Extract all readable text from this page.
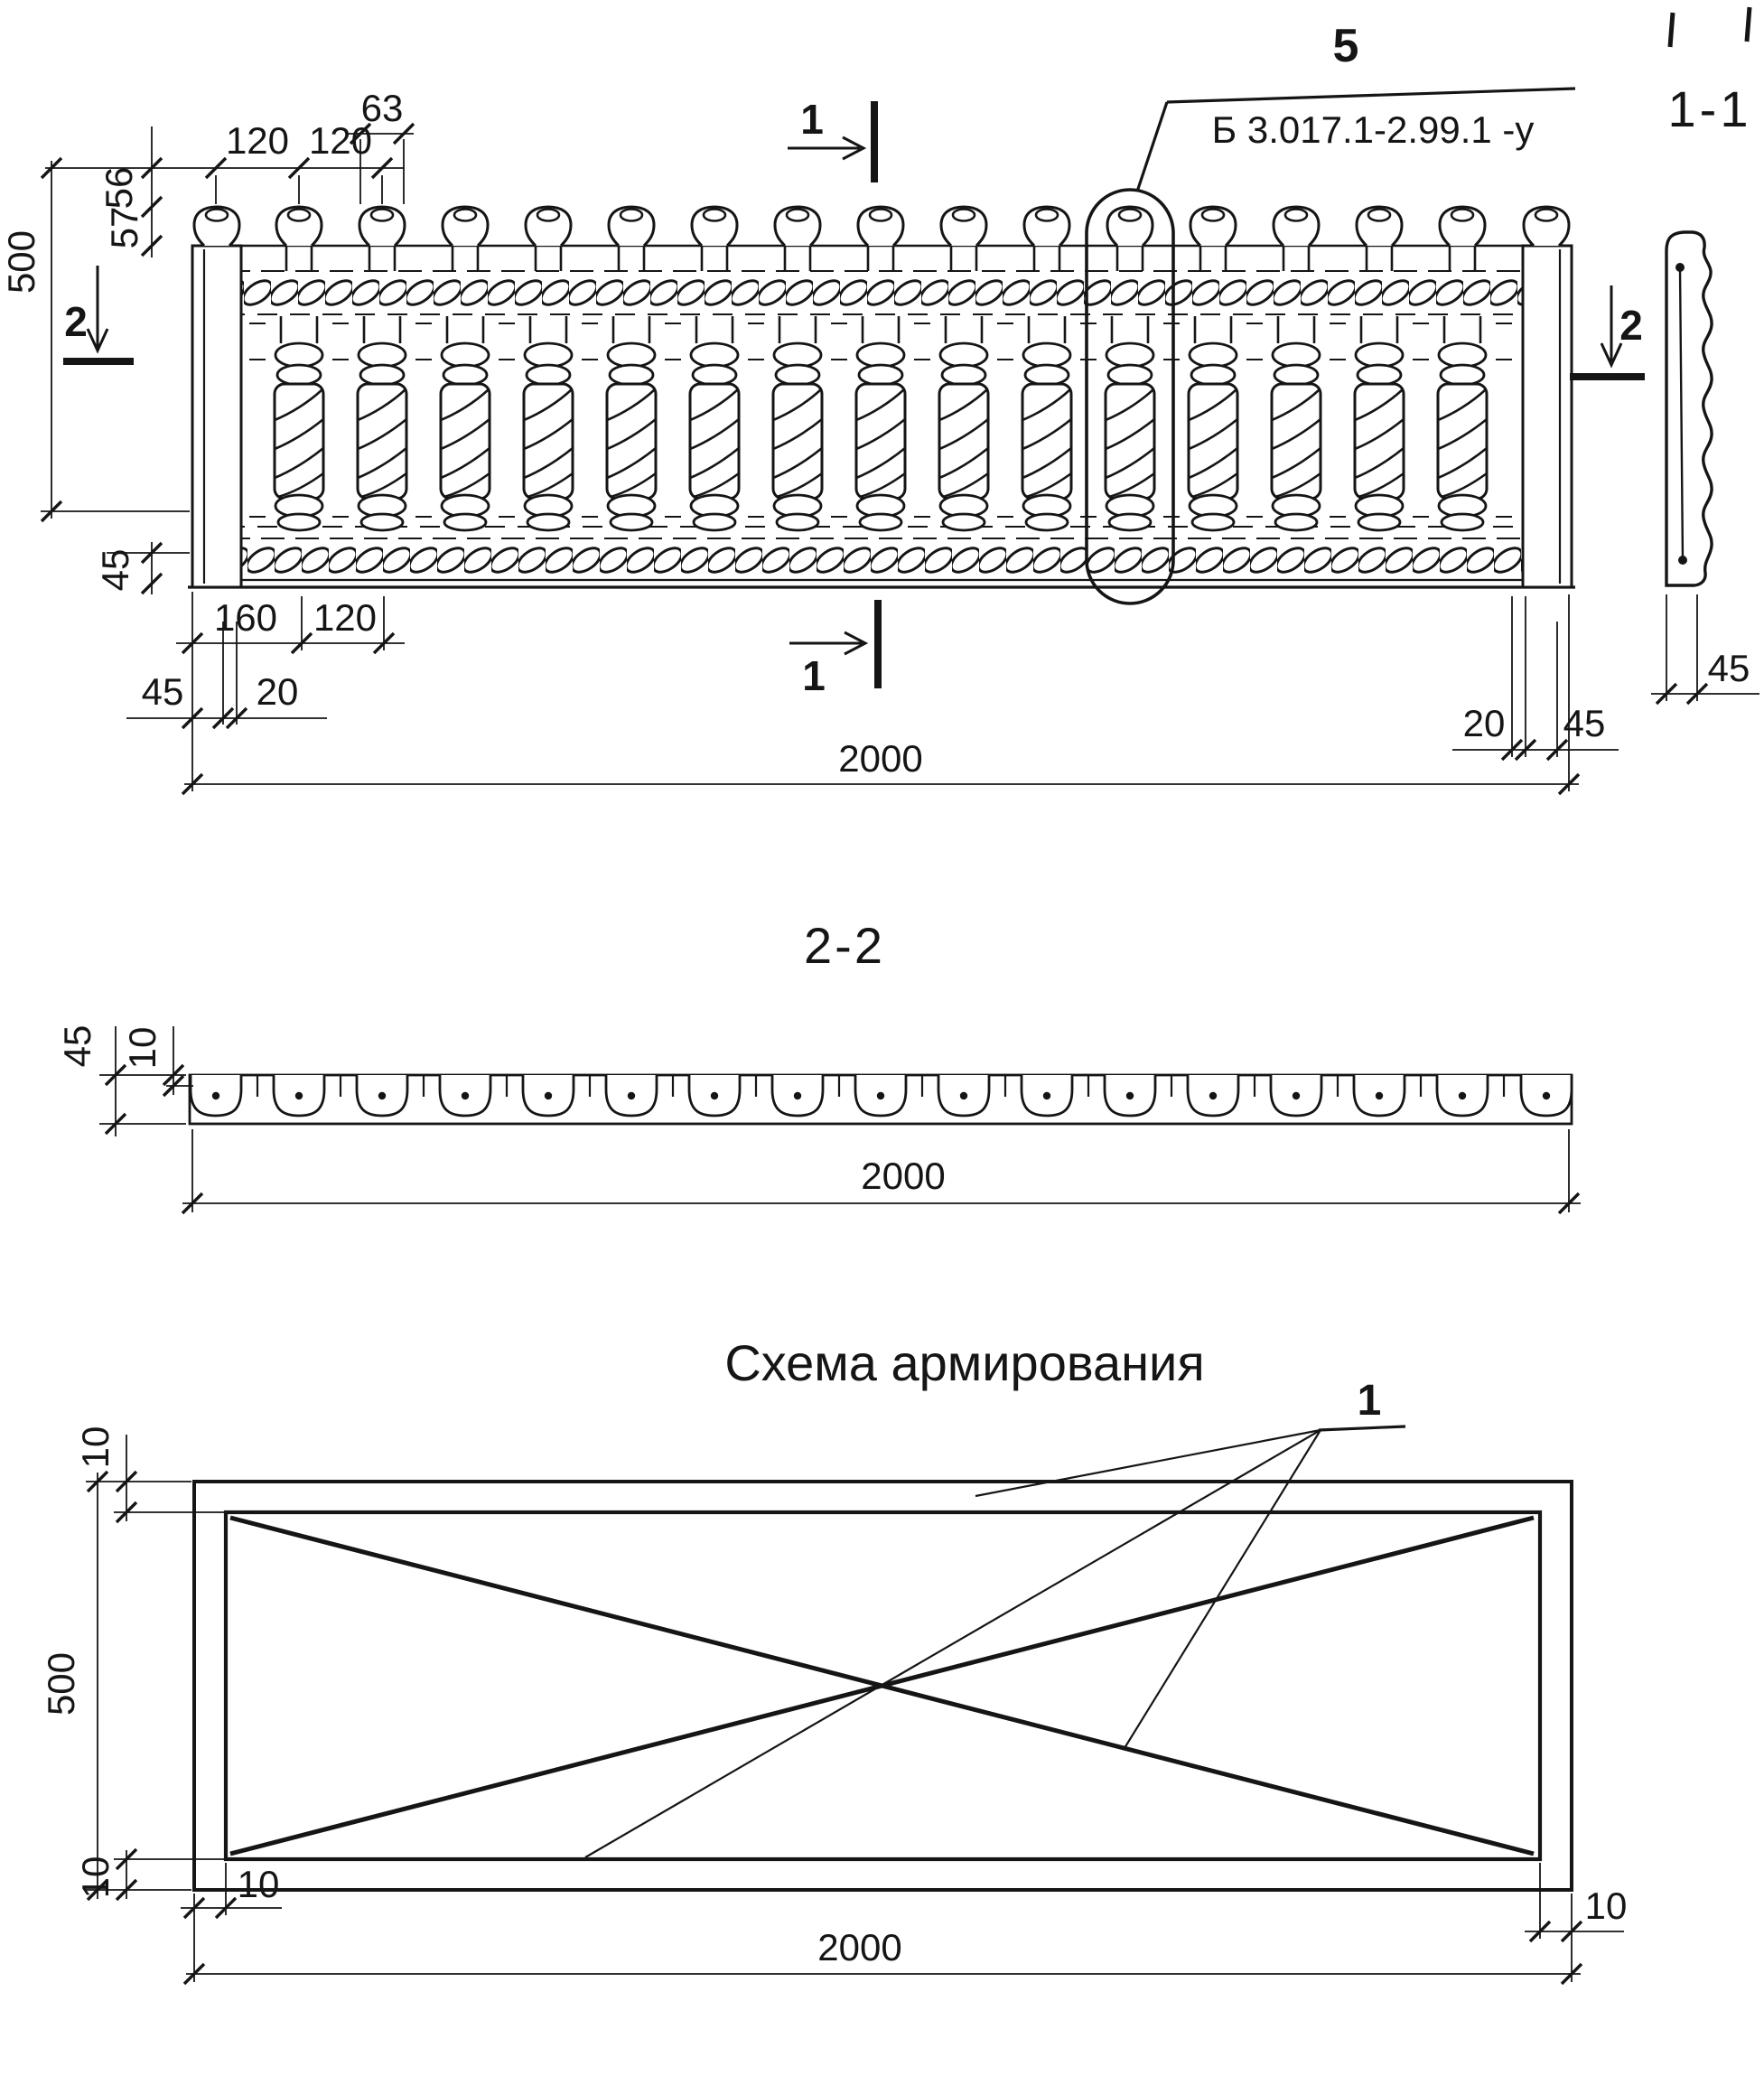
5
Б 3.017.1-2.99.1 -у	1-1
1
1
2	2
120 120
63
56
57
500
45
160 120
45 20
20 45
2000
45
2-2
45 10
2000
Схема армирования
1
10
500
10	10
10
2000
